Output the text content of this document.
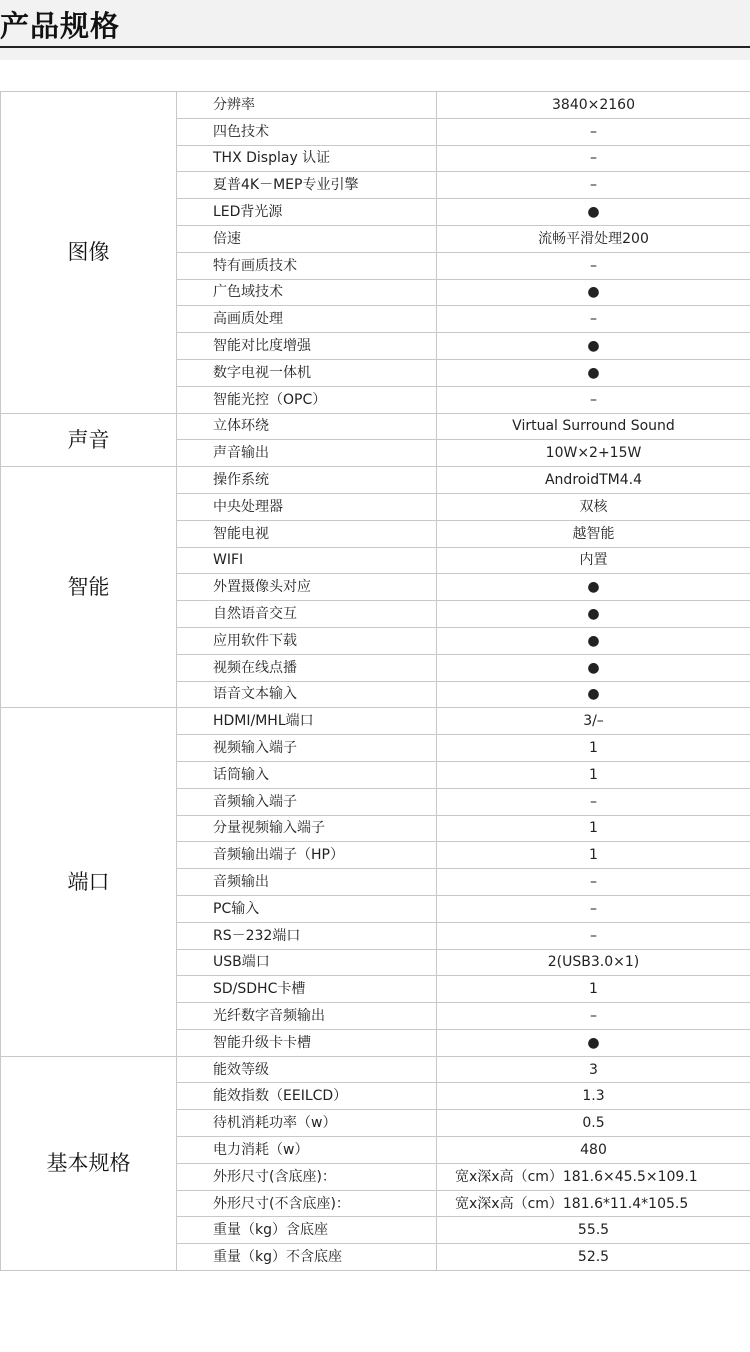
产品规格
图像	分辨率	3840×2160
	四色技术	–
	THX Display 认证	–
	夏普4K－MEP专业引擎	–
	LED背光源	●
	倍速	流畅平滑处理200
	特有画质技术	–
	广色域技术	●
	高画质处理	–
	智能对比度增强	●
	数字电视一体机	●
	智能光控（OPC）	–
声音	立体环绕	Virtual Surround Sound
	声音输出	10W×2+15W
智能	操作系统	AndroidTM4.4
	中央处理器	双核
	智能电视	越智能
	WIFI	内置
	外置摄像头对应	●
	自然语音交互	●
	应用软件下载	●
	视频在线点播	●
	语音文本输入	●
端口	HDMI/MHL端口	3/–
	视频输入端子	1
	话筒输入	1
	音频输入端子	–
	分量视频输入端子	1
	音频输出端子（HP）	1
	音频输出	–
	PC输入	–
	RS－232端口	–
	USB端口	2(USB3.0×1)
	SD/SDHC卡槽	1
	光纤数字音频输出	–
	智能升级卡卡槽	●
基本规格	能效等级	3
	能效指数（EEILCD）	1.3
	待机消耗功率（w）	0.5
	电力消耗（w）	480
	外形尺寸(含底座)：	宽x深x高（cm）181.6×45.5×109.1
	外形尺寸(不含底座)：	宽x深x高（cm）181.6*11.4*105.5
	重量（kg）含底座	55.5
	重量（kg）不含底座	52.5
